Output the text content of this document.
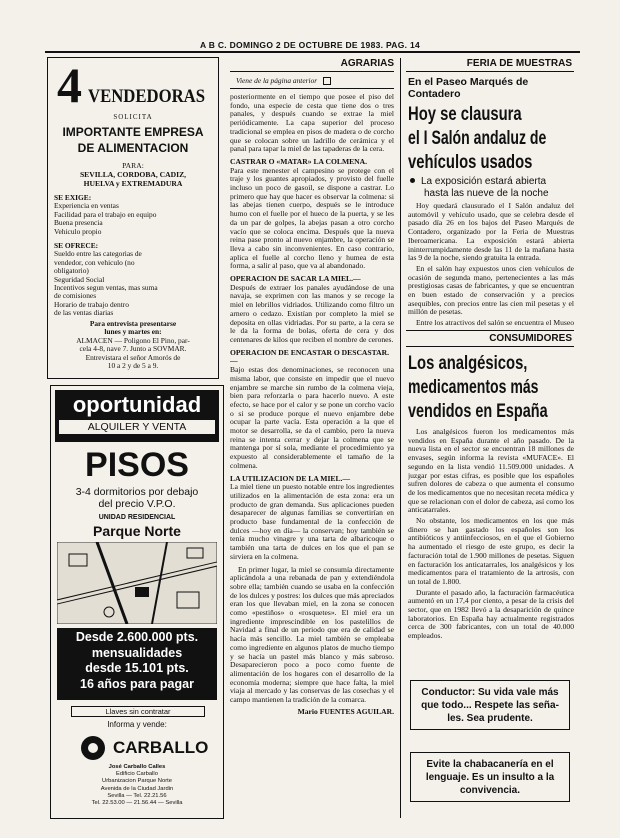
A B C. DOMINGO 2 DE OCTUBRE DE 1983. PAG. 14
4 VENDEDORAS
SOLICITA
IMPORTANTE EMPRESA
DE ALIMENTACION
PARA:
SEVILLA, CORDOBA, CADIZ,
HUELVA y EXTREMADURA
SE EXIGE:
Experiencia en ventas
Facilidad para el trabajo en equipo
Buena presencia
Vehiculo propio
SE OFRECE:
Sueldo entre las categorias de
vendedor, con vehiculo (no
obligatorio)
Seguridad Social
Incentivos segun ventas, mas suma
de comisiones
Horario de trabajo dentro
de las ventas diarias
Para entrevista presentarse
lunes y martes en:
ALMACEN — Poligono El Pino, par-
cela 4-8, nave 7. Junto a SOVMAR.
Entrevistara el señor Amorós de
10 a 2 y de 5 a 9.
oportunidad
ALQUILER Y VENTA
PISOS
3-4 dormitorios por debajo
del precio V.P.O.
UNIDAD RESIDENCIAL
Parque Norte
Desde 2.600.000 pts.
mensualidades
desde 15.101 pts.
16 años para pagar
Llaves sin contratar
Informa y vende:
CARBALLO
José Carballo Calles
Edificio Carballo
Urbanizacion Parque Norte
Avenida de la Ciudad Jardin
Sevilla — Tel. 22.21.56
Tel. 22.53.00 — 21.56.44 — Sevilla
AGRARIAS
Viene de la página anterior

posteriormente en el tiempo que posee el piso del fondo, una especie de cesta que tiene dos o tres panales, y después cuando se extrae la miel periódicamente. La capa superior del proceso tradicional se emplea en pisos de madera o de corcho que se colocan sobre un ladrillo de cerámica y el panal para tapar la miel de las tapaderas de la cera.

CASTRAR O «MATAR» LA COLMENA.

Para este menester el campesino se protege con el traje y los guantes apropiados, y provisto del fuelle incluso un poco de gasoil, se dispone a castrar. Lo primero que hay que hacer es observar la colmena: si las abejas tienen cuerpo, después se le introduce humo con el fuelle por el hueco de la puerta, y se les da un par de golpes, la abejas pasan a otro corcho vacío que se coloca encima. Después que la nueva reina pase pronto al nuevo enjambre, la operación se lleva a cabo sin inconvenientes. En caso contrario, aplica el fuelle al corcho lleno y humea de esta forma, a salir al paso, que va al abandonado.

OPERACION DE SACAR LA MIEL.—

Después de extraer los panales ayudándose de una navaja, se exprimen con las manos y se recoge la miel en lebrillos vidriados. Utilizando como filtro un arnero o cedazo. Existían por completo la miel se deposita en ollas vidriadas. Por su parte, a la cera se le da la forma de bolas, oferta de cera y dos centenares de kilos que reciben el nombre de cerones.

OPERACION DE ENCASTAR O DESCASTAR.—

Bajo estas dos denominaciones, se reconocen una misma labor, que consiste en impedir que el nuevo enjambre se marche sin rumbo de la colmena vieja, bien para reforzarla o para hacerlo nuevo. A este efecto, se hace por el calor y se pone un corcho vacío o si se produce porque el nuevo enjambre debe ocupar la parte vacía. Esta operación a la que el motor se desarrolla, se da el cambio, pero la nueva reina se intenta cerrar y dejar la colmena que se mantenga por sí sola, mediante el procedimiento ya expuesto al considerablemente el tamaño de la colmena.

LA UTILIZACION DE LA MIEL.—

La miel tiene un puesto notable entre los ingredientes utilizados en la alimentación de esta zona: era un producto de gran demanda. Sus aplicaciones pueden desaparecer de algunas familias se convertirían en producto base fundamental de la confección de dulces —hoy en día— la conservan; hoy también se tenía mucho vinagre y una tarta de albaricoque o también una tarta de dulces en los que el pan se sirviera en la colmena.

En primer lugar, la miel se consumía directamente aplicándola a una rebanada de pan y extendiéndola sobre ella; también cuando se usaba en la confección de los dulces y postres: los dulces que más apreciados eran los que llevaban miel, en la zona se conocen como «pestiños» o «rosquetes». El miel era un ingrediente imprescindible en los pastelillos de Navidad a final de un periodo que era de calidad se hacía más sencillo. La miel también se empleaba como ingrediente en algunos platos de mucho tiempo y se hacía un pastel más blanco y más sabroso. Desaparecieron poco a poco como fuente de alimentación de los hogares con el desarrollo de la economía moderna; siempre que hace falta, la miel viaja al mercado y las conservas de las cosechas y el campo mantienen la tradición de la comarca.

Mario FUENTES AGUILAR.

FERIA DE MUESTRAS
En el Paseo Marqués de Contadero
Hoy se clausura
el I Salón andaluz de
vehículos usados
La exposición estará abierta
hasta las nueve de la noche

Hoy quedará clausurado el I Salón andaluz del automóvil y vehículo usado, que se celebra desde el pasado día 26 en los bajos del Paseo Marqués de Contadero, organizado por la Feria de Muestras Iberoamericana. La exposición estará abierta ininterrumpidamente desde las 11 de la mañana hasta las 9 de la noche, siendo gratuita la entrada.

En el salón hay expuestos unos cien vehículos de ocasión de segunda mano, pertenecientes a las más prestigiosas casas de fabricantes, y que se encuentran en buen estado de conservación y a precios asequibles, con precios entre las cien mil pesetas y el millón de pesetas.

Entre los atractivos del salón se encuentra el Museo

CONSUMIDORES
Los analgésicos,
medicamentos más
vendidos en España

Los analgésicos fueron los medicamentos más vendidos en España durante el año pasado. De la nueva lista en el sector se encuentran 18 millones de envases, según informa la revista «MUFACE». El segundo en la lista vendió 11.509.000 unidades. A juzgar por estas cifras, es posible que los españoles sufren dolores de cabeza o que aumenta el consumo de los medicamentos que no necesitan receta médica y que se relacionan con el dolor de cabeza, así como los anticatarrales.

No obstante, los medicamentos en los que más dinero se han gastado los españoles son los antibióticos y antiinfecciosos, en el que el Gobierno ha aumentado el riesgo de este grupo, es decir la facturación total de 1.900 millones de pesetas. Siguen en facturación los anticatarrales, los analgésicos y los medicamentos para el tratamiento de la artrosis, con un total de 1.800.

Durante el pasado año, la facturación farmacéutica aumentó en un 17,4 por ciento, a pesar de la crisis del sector, que en 1982 llevó a la desaparición de quince laboratorios. En España hay actualmente registrados cerca de 300 fabricantes, con un total de 40.000 empleados.

Conductor: Su vida vale más
que todo... Respete las seña-
les. Sea prudente.
Evite la chabacanería en el
lenguaje. Es un insulto a la
convivencia.
